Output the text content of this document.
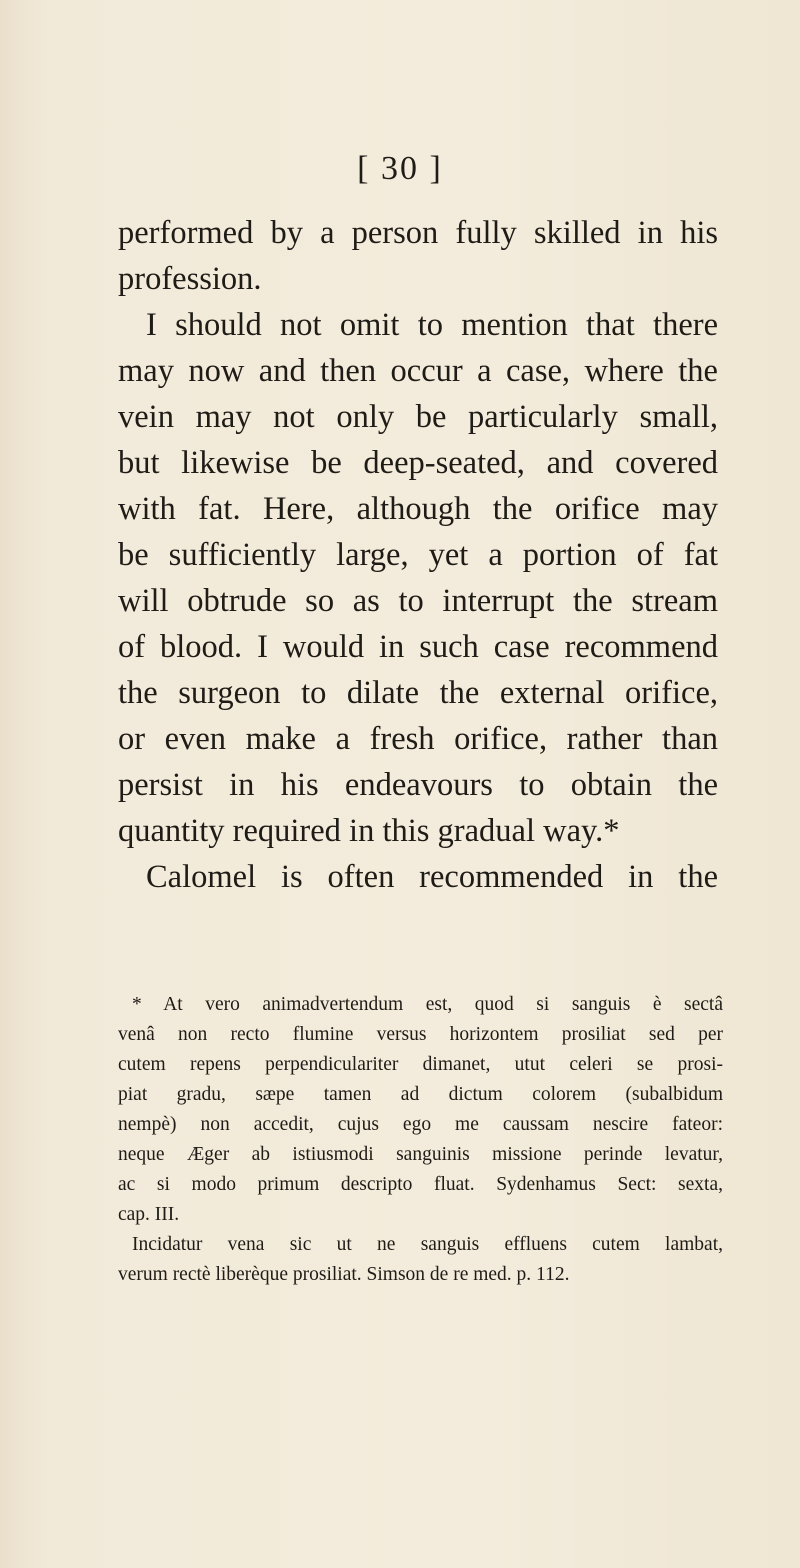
[ 30 ]
performed by a person fully skilled in his
profession.
I should not omit to mention that there
may now and then occur a case, where the
vein may not only be particularly small,
but likewise be deep-seated, and covered
with fat. Here, although the orifice may
be sufficiently large, yet a portion of fat
will obtrude so as to interrupt the stream
of blood. I would in such case recommend
the surgeon to dilate the external orifice,
or even make a fresh orifice, rather than
persist in his endeavours to obtain the
quantity required in this gradual way.*
Calomel is often recommended in the
* At vero animadvertendum est, quod si sanguis è sectâ
venâ non recto flumine versus horizontem prosiliat sed per
cutem repens perpendiculariter dimanet, utut celeri se prosi-
piat gradu, sæpe tamen ad dictum colorem (subalbidum
nempè) non accedit, cujus ego me caussam nescire fateor:
neque Æger ab istiusmodi sanguinis missione perinde levatur,
ac si modo primum descripto fluat. Sydenhamus Sect: sexta,
cap. III.
Incidatur vena sic ut ne sanguis effluens cutem lambat,
verum rectè liberèque prosiliat. Simson de re med. p. 112.
